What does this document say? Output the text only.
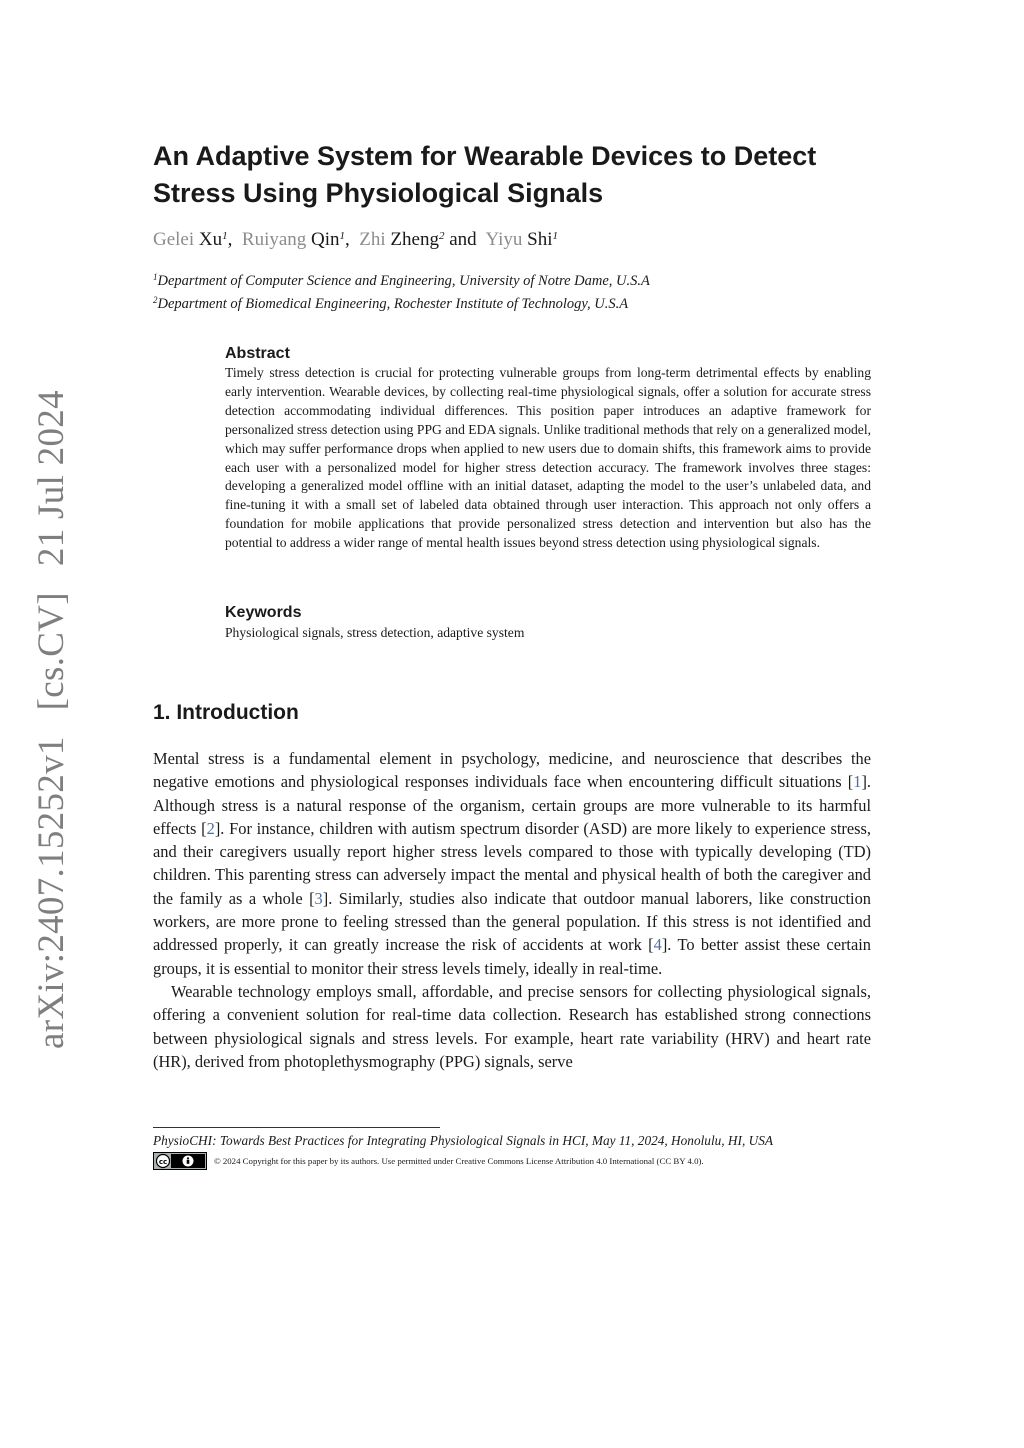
arXiv:2407.15252v1[cs.CV]21 Jul 2024
An Adaptive System for Wearable Devices to Detect
Stress Using Physiological Signals
Gelei Xu$^1$, Ruiyang Qin$^1$, Zhi Zheng$^2$ and Yiyu Shi$^1$
$^1$Department of Computer Science and Engineering, University of Notre Dame, U.S.A
$^2$Department of Biomedical Engineering, Rochester Institute of Technology, U.S.A
Abstract

Timely stress detection is crucial for protecting vulnerable groups from long-term detrimental effects by enabling early intervention. Wearable devices, by collecting real-time physiological signals, offer a solution for accurate stress detection accommodating individual differences. This position paper introduces an adaptive framework for personalized stress detection using PPG and EDA signals. Unlike traditional methods that rely on a generalized model, which may suffer performance drops when applied to new users due to domain shifts, this framework aims to provide each user with a personalized model for higher stress detection accuracy. The framework involves three stages: developing a generalized model offline with an initial dataset, adapting the model to the user’s unlabeled data, and fine-tuning it with a small set of labeled data obtained through user interaction. This approach not only offers a foundation for mobile applications that provide personalized stress detection and intervention but also has the potential to address a wider range of mental health issues beyond stress detection using physiological signals.

Keywords

Physiological signals, stress detection, adaptive system

1. Introduction

Mental stress is a fundamental element in psychology, medicine, and neuroscience that describes the negative emotions and physiological responses individuals face when encountering difficult situations [1]. Although stress is a natural response of the organism, certain groups are more vulnerable to its harmful effects [2]. For instance, children with autism spectrum disorder (ASD) are more likely to experience stress, and their caregivers usually report higher stress levels compared to those with typically developing (TD) children. This parenting stress can adversely impact the mental and physical health of both the caregiver and the family as a whole [3]. Similarly, studies also indicate that outdoor manual laborers, like construction workers, are more prone to feeling stressed than the general population. If this stress is not identified and addressed properly, it can greatly increase the risk of accidents at work [4]. To better assist these certain groups, it is essential to monitor their stress levels timely, ideally in real-time.

Wearable technology employs small, affordable, and precise sensors for collecting physiological signals, offering a convenient solution for real-time data collection. Research has established strong connections between physiological signals and stress levels. For example, heart rate variability (HRV) and heart rate (HR), derived from photoplethysmography (PPG) signals, serve

PhysioCHI: Towards Best Practices for Integrating Physiological Signals in HCI, May 11, 2024, Honolulu, HI, USA
cc	© 2024 Copyright for this paper by its authors. Use permitted under Creative Commons License Attribution 4.0 International (CC BY 4.0).
